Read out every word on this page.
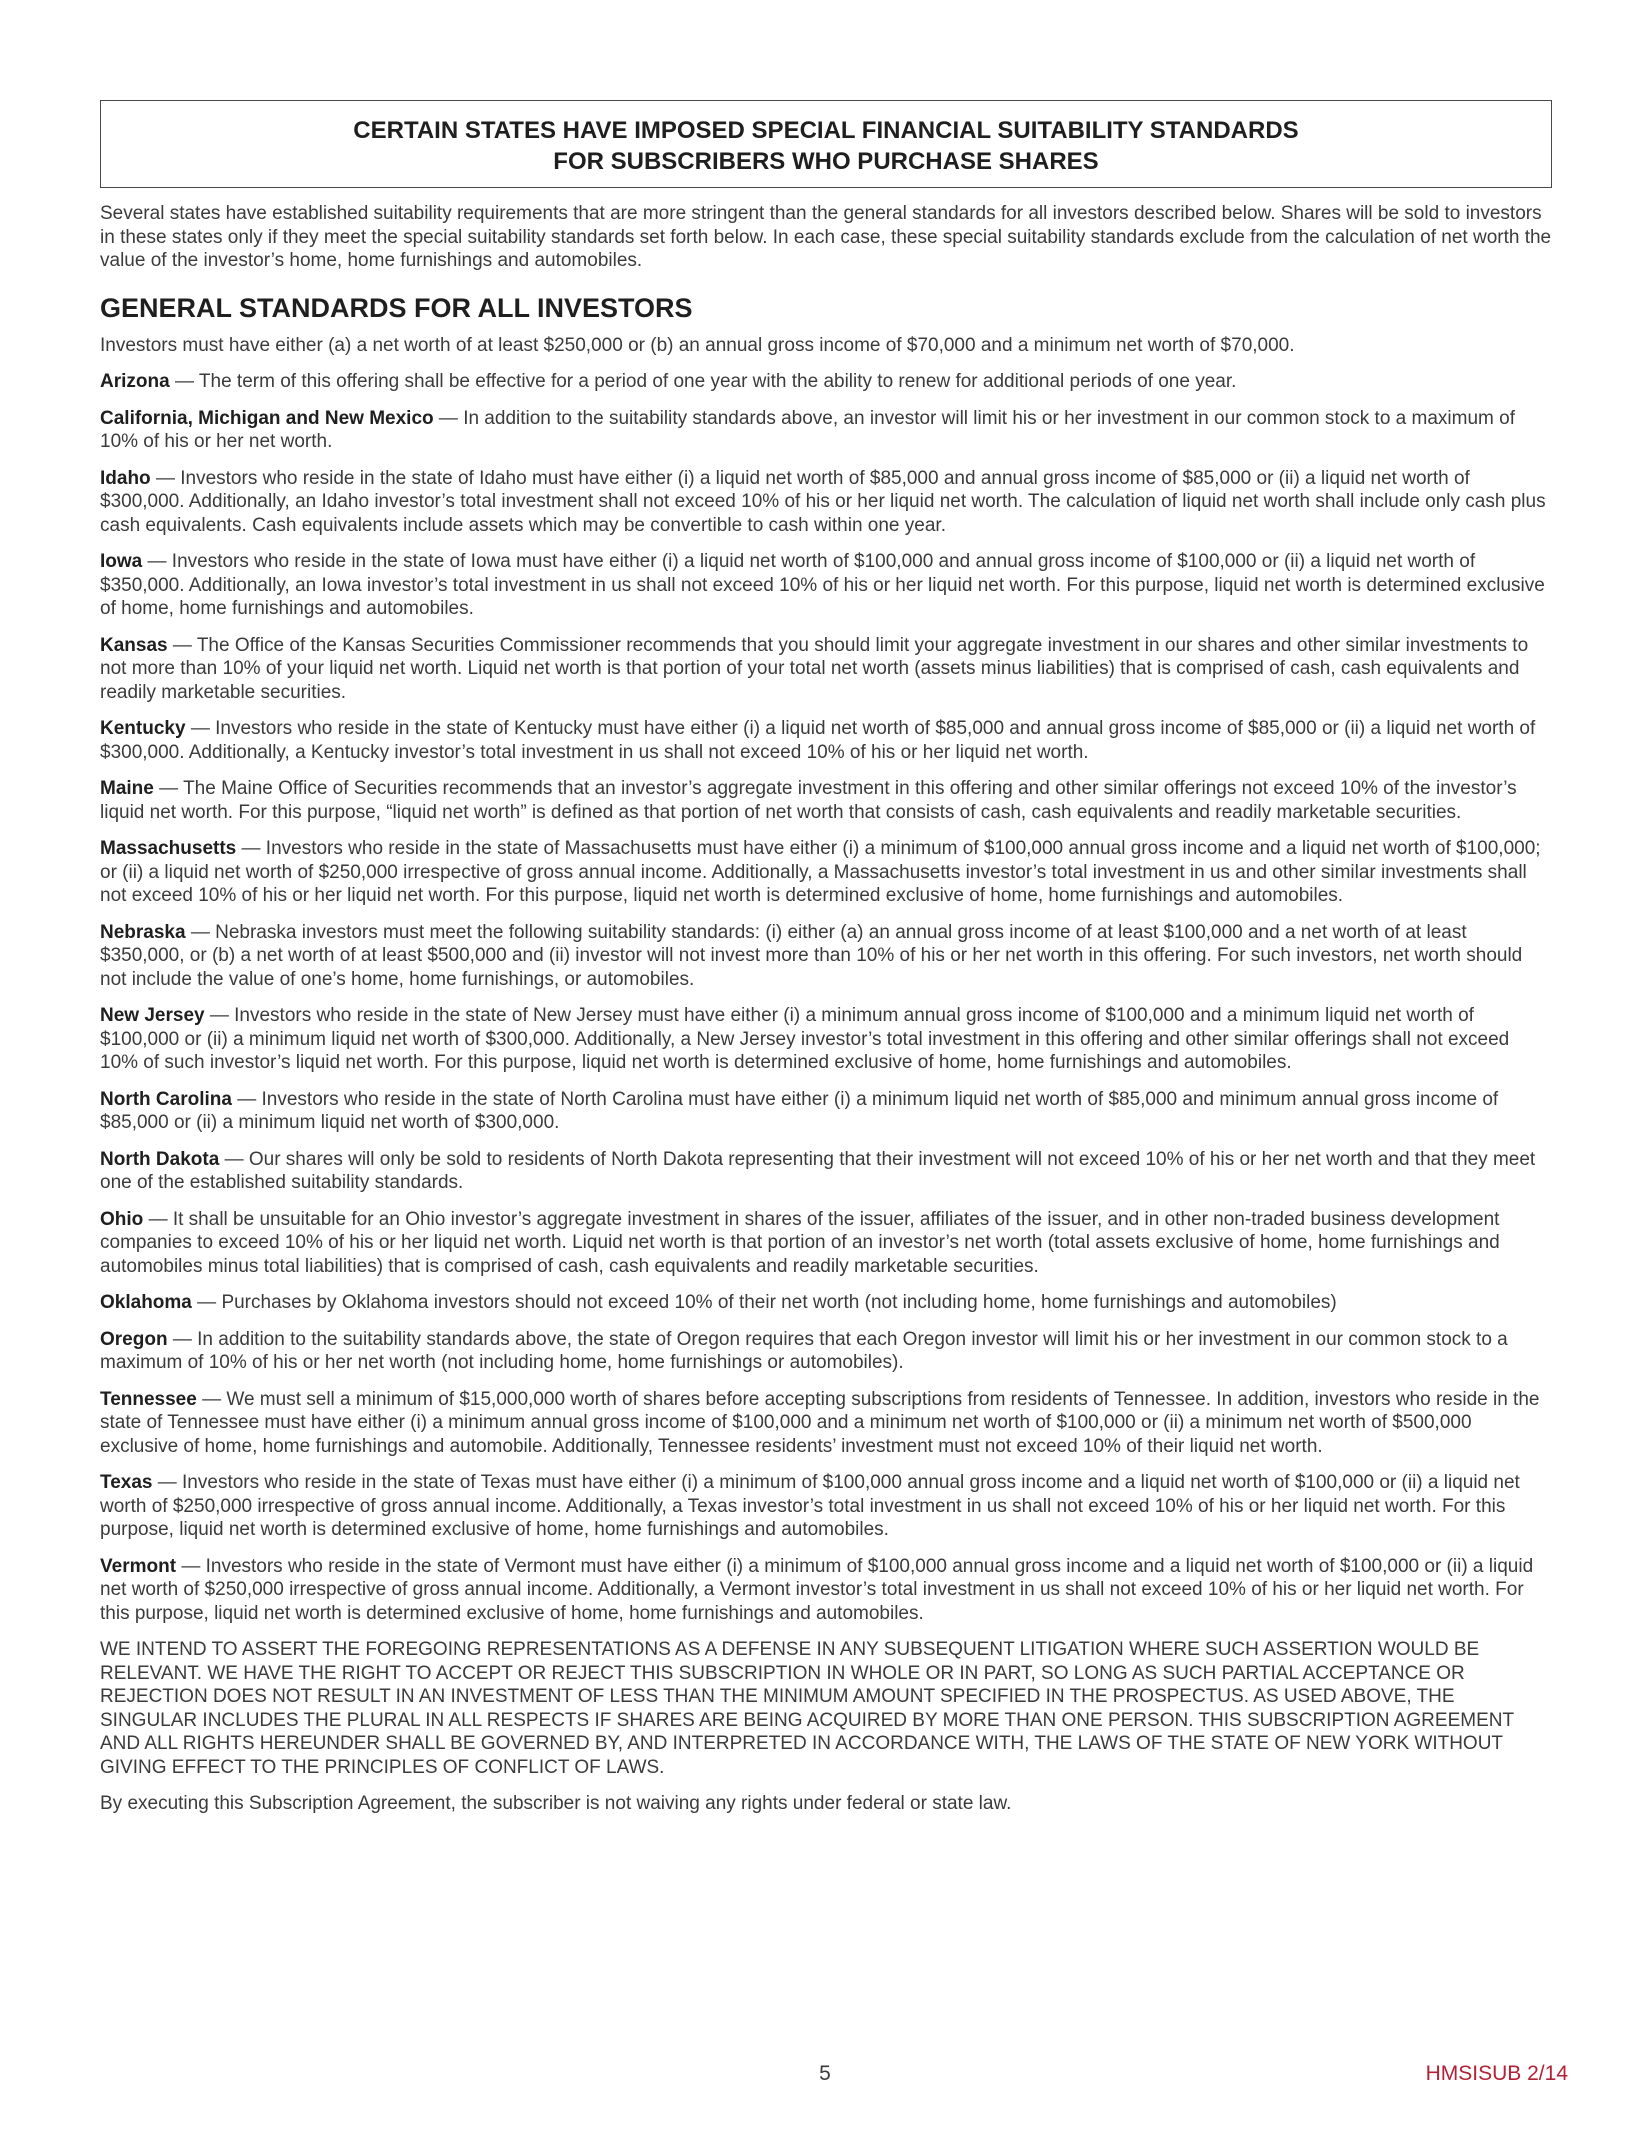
CERTAIN STATES HAVE IMPOSED SPECIAL FINANCIAL SUITABILITY STANDARDS
FOR SUBSCRIBERS WHO PURCHASE SHARES

Several states have established suitability requirements that are more stringent than the general standards for all investors described below. Shares will be sold to investors in these states only if they meet the special suitability standards set forth below. In each case, these special suitability standards exclude from the calculation of net worth the value of the investor’s home, home furnishings and automobiles.

GENERAL STANDARDS FOR ALL INVESTORS

Investors must have either (a) a net worth of at least $250,000 or (b) an annual gross income of $70,000 and a minimum net worth of $70,000.

Arizona — The term of this offering shall be effective for a period of one year with the ability to renew for additional periods of one year.

California, Michigan and New Mexico — In addition to the suitability standards above, an investor will limit his or her investment in our common stock to a maximum of 10% of his or her net worth.

Idaho — Investors who reside in the state of Idaho must have either (i) a liquid net worth of $85,000 and annual gross income of $85,000 or (ii) a liquid net worth of $300,000. Additionally, an Idaho investor’s total investment shall not exceed 10% of his or her liquid net worth. The calculation of liquid net worth shall include only cash plus cash equivalents. Cash equivalents include assets which may be convertible to cash within one year.

Iowa — Investors who reside in the state of Iowa must have either (i) a liquid net worth of $100,000 and annual gross income of $100,000 or (ii) a liquid net worth of $350,000. Additionally, an Iowa investor’s total investment in us shall not exceed 10% of his or her liquid net worth. For this purpose, liquid net worth is determined exclusive of home, home furnishings and automobiles.

Kansas — The Office of the Kansas Securities Commissioner recommends that you should limit your aggregate investment in our shares and other similar investments to not more than 10% of your liquid net worth. Liquid net worth is that portion of your total net worth (assets minus liabilities) that is comprised of cash, cash equivalents and readily marketable securities.

Kentucky — Investors who reside in the state of Kentucky must have either (i) a liquid net worth of $85,000 and annual gross income of $85,000 or (ii) a liquid net worth of $300,000. Additionally, a Kentucky investor’s total investment in us shall not exceed 10% of his or her liquid net worth.

Maine — The Maine Office of Securities recommends that an investor’s aggregate investment in this offering and other similar offerings not exceed 10% of the investor’s liquid net worth. For this purpose, “liquid net worth” is defined as that portion of net worth that consists of cash, cash equivalents and readily marketable securities.

Massachusetts — Investors who reside in the state of Massachusetts must have either (i) a minimum of $100,000 annual gross income and a liquid net worth of $100,000; or (ii) a liquid net worth of $250,000 irrespective of gross annual income. Additionally, a Massachusetts investor’s total investment in us and other similar investments shall not exceed 10% of his or her liquid net worth. For this purpose, liquid net worth is determined exclusive of home, home furnishings and automobiles.

Nebraska — Nebraska investors must meet the following suitability standards: (i) either (a) an annual gross income of at least $100,000 and a net worth of at least $350,000, or (b) a net worth of at least $500,000 and (ii) investor will not invest more than 10% of his or her net worth in this offering. For such investors, net worth should not include the value of one’s home, home furnishings, or automobiles.

New Jersey — Investors who reside in the state of New Jersey must have either (i) a minimum annual gross income of $100,000 and a minimum liquid net worth of $100,000 or (ii) a minimum liquid net worth of $300,000. Additionally, a New Jersey investor’s total investment in this offering and other similar offerings shall not exceed 10% of such investor’s liquid net worth. For this purpose, liquid net worth is determined exclusive of home, home furnishings and automobiles.

North Carolina — Investors who reside in the state of North Carolina must have either (i) a minimum liquid net worth of $85,000 and minimum annual gross income of $85,000 or (ii) a minimum liquid net worth of $300,000.

North Dakota — Our shares will only be sold to residents of North Dakota representing that their investment will not exceed 10% of his or her net worth and that they meet one of the established suitability standards.

Ohio — It shall be unsuitable for an Ohio investor’s aggregate investment in shares of the issuer, affiliates of the issuer, and in other non-traded business development companies to exceed 10% of his or her liquid net worth. Liquid net worth is that portion of an investor’s net worth (total assets exclusive of home, home furnishings and automobiles minus total liabilities) that is comprised of cash, cash equivalents and readily marketable securities.

Oklahoma — Purchases by Oklahoma investors should not exceed 10% of their net worth (not including home, home furnishings and automobiles)

Oregon — In addition to the suitability standards above, the state of Oregon requires that each Oregon investor will limit his or her investment in our common stock to a maximum of 10% of his or her net worth (not including home, home furnishings or automobiles).

Tennessee — We must sell a minimum of $15,000,000 worth of shares before accepting subscriptions from residents of Tennessee. In addition, investors who reside in the state of Tennessee must have either (i) a minimum annual gross income of $100,000 and a minimum net worth of $100,000 or (ii) a minimum net worth of $500,000 exclusive of home, home furnishings and automobile. Additionally, Tennessee residents’ investment must not exceed 10% of their liquid net worth.

Texas — Investors who reside in the state of Texas must have either (i) a minimum of $100,000 annual gross income and a liquid net worth of $100,000 or (ii) a liquid net worth of $250,000 irrespective of gross annual income. Additionally, a Texas investor’s total investment in us shall not exceed 10% of his or her liquid net worth. For this purpose, liquid net worth is determined exclusive of home, home furnishings and automobiles.

Vermont — Investors who reside in the state of Vermont must have either (i) a minimum of $100,000 annual gross income and a liquid net worth of $100,000 or (ii) a liquid net worth of $250,000 irrespective of gross annual income. Additionally, a Vermont investor’s total investment in us shall not exceed 10% of his or her liquid net worth. For this purpose, liquid net worth is determined exclusive of home, home furnishings and automobiles.

WE INTEND TO ASSERT THE FOREGOING REPRESENTATIONS AS A DEFENSE IN ANY SUBSEQUENT LITIGATION WHERE SUCH ASSERTION WOULD BE RELEVANT. WE HAVE THE RIGHT TO ACCEPT OR REJECT THIS SUBSCRIPTION IN WHOLE OR IN PART, SO LONG AS SUCH PARTIAL ACCEPTANCE OR REJECTION DOES NOT RESULT IN AN INVESTMENT OF LESS THAN THE MINIMUM AMOUNT SPECIFIED IN THE PROSPECTUS. AS USED ABOVE, THE SINGULAR INCLUDES THE PLURAL IN ALL RESPECTS IF SHARES ARE BEING ACQUIRED BY MORE THAN ONE PERSON. THIS SUBSCRIPTION AGREEMENT AND ALL RIGHTS HEREUNDER SHALL BE GOVERNED BY, AND INTERPRETED IN ACCORDANCE WITH, THE LAWS OF THE STATE OF NEW YORK WITHOUT GIVING EFFECT TO THE PRINCIPLES OF CONFLICT OF LAWS.

By executing this Subscription Agreement, the subscriber is not waiving any rights under federal or state law.

5	HMSISUB 2/14
